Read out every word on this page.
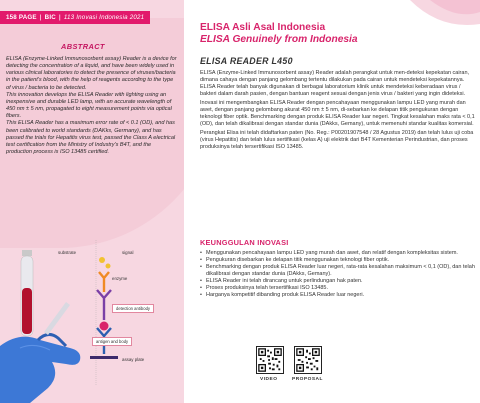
158 PAGE | BIC | 113 Inovasi Indonesia 2021
ABSTRACT

ELISA (Enzyme-Linked Immunosorbent assay) Reader is a device for detecting the concentration of a liquid, and have been widely used in various clinical laboratories to detect the presence of viruses/bacteria in the patient's blood, with the help of reagents according to the type of virus / bacteria to be detected.

This innovation develops the ELISA Reader with lighting using an inexpensive and durable LED lamp, with an accurate wavelength of 450 nm ± 5 nm, propagated to eight measurement points via optical fibers.

This ELISA Reader has a maximum error rate of < 0.1 (OD), and has been calibrated to world standards (DAKks, Germany), and has passed the trials for Hepatitis virus test, passed the Class A electrical test certification from the Ministry of Industry's B4T, and the production process is ISO 13485 certified.

substrate	signal
enzyme
detection antibody
antigen and body
assay plate
ELISA Asli Asal Indonesia
ELISA Genuinely from Indonesia
ELISA READER L450

ELISA (Enzyme-Linked Immunosorbent assay) Reader adalah perangkat untuk men-deteksi kepekatan cairan, dimana cahaya dengan panjang gelombang tertentu dilakukan pada cairan untuk mendeteksi kepekatannya. ELISA Reader telah banyak digunakan di berbagai laboratorium klinik untuk mendeteksi keberadaan virus / bakteri dalam darah pasien, dengan bantuan reagent sesuai dengan jenis virus / bakteri yang ingin dideteksi.

Inovasi ini mengembangkan ELISA Reader dengan pencahayaan menggunakan lampu LED yang murah dan awet, dengan panjang gelombang akurat 450 nm ± 5 nm, di-sebarkan ke delapan titik pengukuran dengan teknologi fiber optik. Benchmarking dengan produk ELISA Reader luar negeri. Tingkat kesalahan maks rata < 0,1 (OD), dan telah dikalibrasi dengan standar dunia (DAkks, Gemany), untuk memenuhi standar kualitas komersial.

Perangkat Elisa ini telah didaftarkan paten (No. Reg.: P00201907548 / 28 Agustus 2019) dan telah lulus uji coba (virus Hepatitis) dan telah lulus sertifikasi (kelas A) uji elektrik dari B4T Kementerian Perindustrian, dan proses produksinya telah tersertifikasi ISO 13485.

KEUNGGULAN INOVASI
• Menggunakan pencahayaan lampu LED yang murah dan awet, dan relatif dengan kompleksitas sistem.
• Pengukuran disebarkan ke delapan titik menggunakan teknologi fiber optik.
• Benchmarking dengan produk ELISA Reader luar negeri, rata-rata kesalahan maksimum < 0,1 (OD), dan telah dikalibrasi dengan standar dunia (DAkks, Gemany).
• ELISA Reader ini telah dirancang untuk perlindungan hak paten.
• Proses produksinya telah tersertifikasi ISO 13485.
• Harganya kompetitif dibanding produk ELISA Reader luar negeri.
VIDEO	PROPOSAL
